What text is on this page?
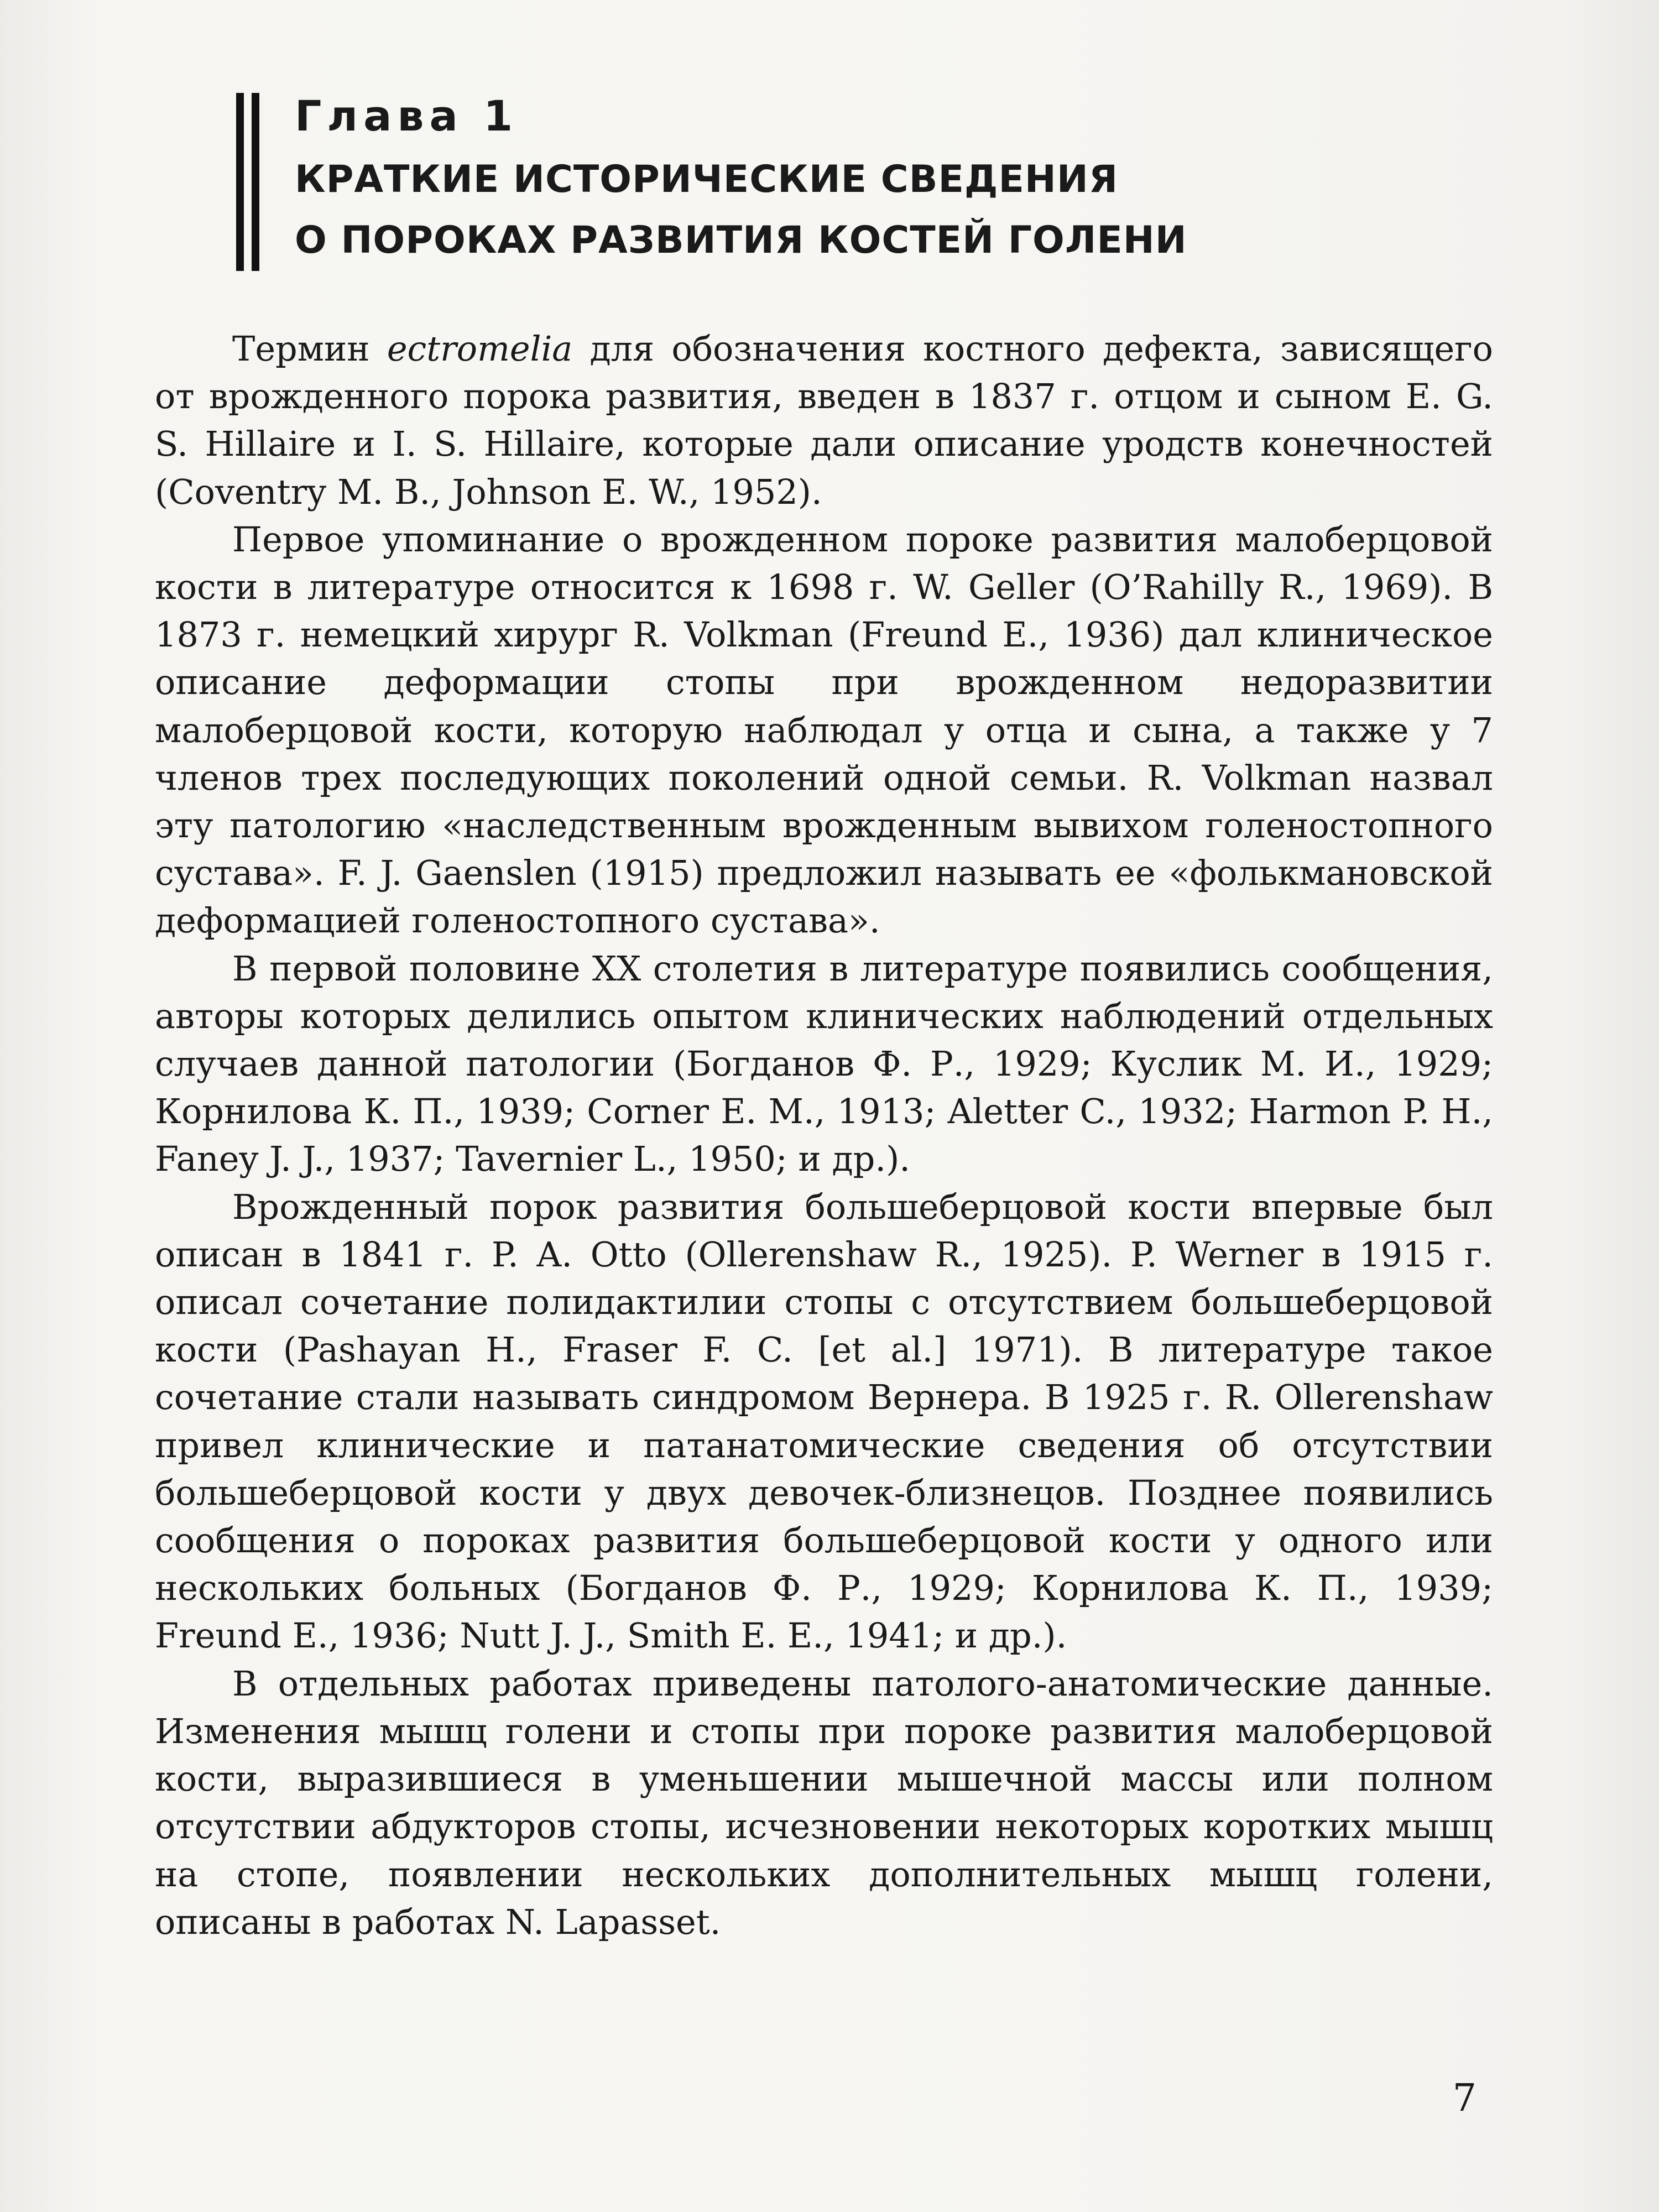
Глава 1
КРАТКИЕ ИСТОРИЧЕСКИЕ СВЕДЕНИЯ
О ПОРОКАХ РАЗВИТИЯ КОСТЕЙ ГОЛЕНИ

Термин ectromelia для обозначения костного дефекта, зависящего от врожденного порока развития, введен в 1837 г. отцом и сыном E. G. S. Hillaire и I. S. Hillaire, которые дали описание уродств конечностей (Coventry M. B., Johnson E. W., 1952).

Первое упоминание о врожденном пороке развития малоберцовой кости в литературе относится к 1698 г. W. Geller (O’Rahilly R., 1969). В 1873 г. немецкий хирург R. Volkman (Freund E., 1936) дал клиническое описание деформации стопы при врожденном недоразвитии малоберцовой кости, которую наблюдал у отца и сына, а также у 7 членов трех последующих поколений одной семьи. R. Volkman назвал эту патологию «наследственным врожденным вывихом голеностопного сустава». F. J. Gaenslen (1915) предложил называть ее «фолькмановской деформацией голеностопного сустава».

В первой половине XX столетия в литературе появились сообщения, авторы которых делились опытом клинических наблюдений отдельных случаев данной патологии (Богданов Ф. Р., 1929; Куслик М. И., 1929; Корнилова К. П., 1939; Corner E. M., 1913; Aletter C., 1932; Harmon P. H., Faney J. J., 1937; Tavernier L., 1950; и др.).

Врожденный порок развития большеберцовой кости впервые был описан в 1841 г. P. A. Otto (Ollerenshaw R., 1925). P. Werner в 1915 г. описал сочетание полидактилии стопы с отсутствием большеберцовой кости (Pashayan H., Fraser F. C. [et al.] 1971). В литературе такое сочетание стали называть синдромом Вернера. В 1925 г. R. Ollerenshaw привел клинические и патанатомические сведения об отсутствии большеберцовой кости у двух девочек-близнецов. Позднее появились сообщения о пороках развития большеберцовой кости у одного или нескольких больных (Богданов Ф. Р., 1929; Корнилова К. П., 1939; Freund E., 1936; Nutt J. J., Smith E. E., 1941; и др.).

В отдельных работах приведены патолого-анатомические данные. Изменения мышц голени и стопы при пороке развития малоберцовой кости, выразившиеся в уменьшении мышечной массы или полном отсутствии абдукторов стопы, исчезновении некоторых коротких мышц на стопе, появлении нескольких дополнительных мышц голени, описаны в работах N. Lapasset.

7
